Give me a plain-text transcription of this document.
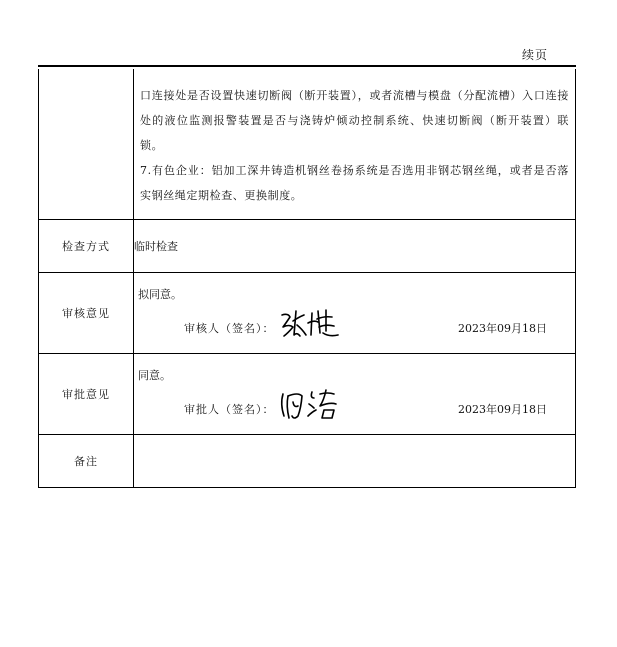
续页

	口连接处是否设置快速切断阀（断开装置），或者流槽与模盘（分配流槽）入口连接处的液位监测报警装置是否与浇铸炉倾动控制系统、快速切断阀（断开装置）联锁。

7.有色企业：铝加工深井铸造机钢丝卷扬系统是否选用非钢芯钢丝绳，或者是否落实钢丝绳定期检查、更换制度。

检查方式	临时检查
审核意见	拟同意。
审核人（签名）： 2023年09月18日

审批意见	同意。
审批人（签名）： 2023年09月18日

备注	
